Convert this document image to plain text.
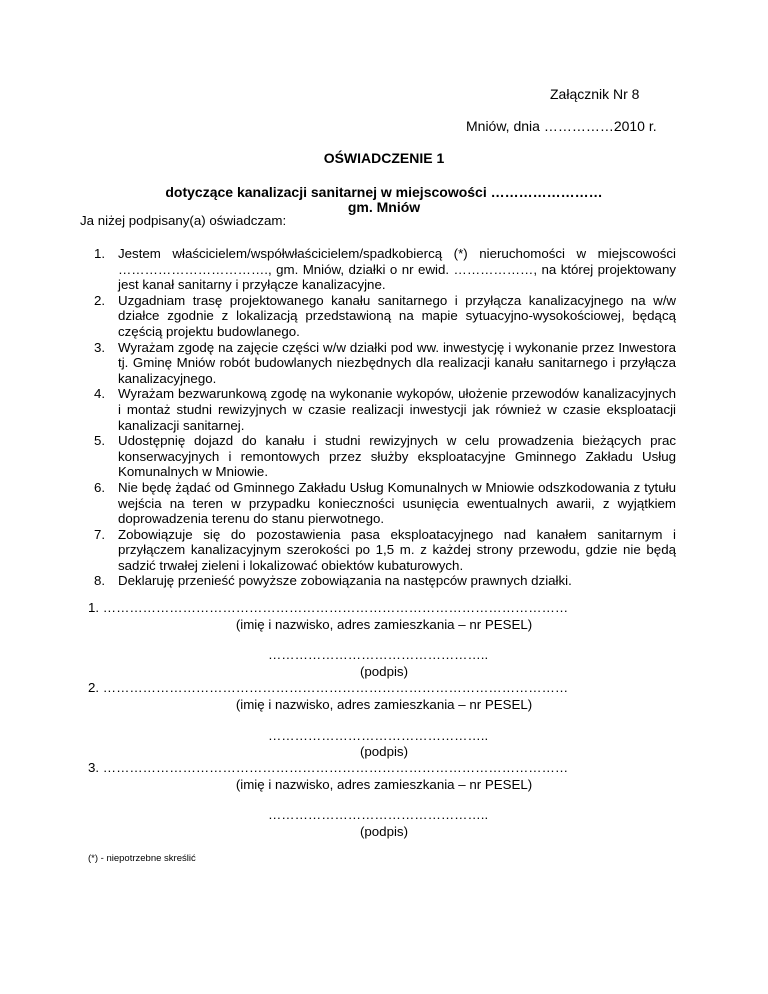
Załącznik Nr 8
Mniów, dnia ……………2010 r.
OŚWIADCZENIE 1
dotyczące kanalizacji sanitarnej w miejscowości ……………………
gm. Mniów
Ja niżej podpisany(a) oświadczam:
1. Jestem właścicielem/współwłaścicielem/spadkobiercą (*) nieruchomości w miejscowości ……………………………., gm. Mniów, działki o nr ewid. ………………, na której projektowany jest kanał sanitarny i przyłącze kanalizacyjne.
2. Uzgadniam trasę projektowanego kanału sanitarnego i przyłącza kanalizacyjnego na w/w działce zgodnie z lokalizacją przedstawioną na mapie sytuacyjno-wysokościowej, będącą częścią projektu budowlanego.
3. Wyrażam zgodę na zajęcie części w/w działki pod ww. inwestycję i wykonanie przez Inwestora tj. Gminę Mniów robót budowlanych niezbędnych dla realizacji kanału sanitarnego i przyłącza kanalizacyjnego.
4. Wyrażam bezwarunkową zgodę na wykonanie wykopów, ułożenie przewodów kanalizacyjnych i montaż studni rewizyjnych w czasie realizacji inwestycji jak również w czasie eksploatacji kanalizacji sanitarnej.
5. Udostępnię dojazd do kanału i studni rewizyjnych w celu prowadzenia bieżących prac konserwacyjnych i remontowych przez służby eksploatacyjne Gminnego Zakładu Usług Komunalnych w Mniowie.
6. Nie będę żądać od Gminnego Zakładu Usług Komunalnych w Mniowie odszkodowania z tytułu wejścia na teren w przypadku konieczności usunięcia ewentualnych awarii, z wyjątkiem doprowadzenia terenu do stanu pierwotnego.
7. Zobowiązuje się do pozostawienia pasa eksploatacyjnego nad kanałem sanitarnym i przyłączem kanalizacyjnym szerokości po 1,5 m. z każdej strony przewodu, gdzie nie będą sadzić trwałej zieleni i lokalizować obiektów kubaturowych.
8. Deklaruję przenieść powyższe zobowiązania na następców prawnych działki.
1. ……………………………………………………………………………………………
(imię i nazwisko, adres zamieszkania – nr PESEL)
…………………………………………..
(podpis)
2. ……………………………………………………………………………………………
(imię i nazwisko, adres zamieszkania – nr PESEL)
…………………………………………..
(podpis)
3. ……………………………………………………………………………………………
(imię i nazwisko, adres zamieszkania – nr PESEL)
…………………………………………..
(podpis)
(*) - niepotrzebne skreślić
